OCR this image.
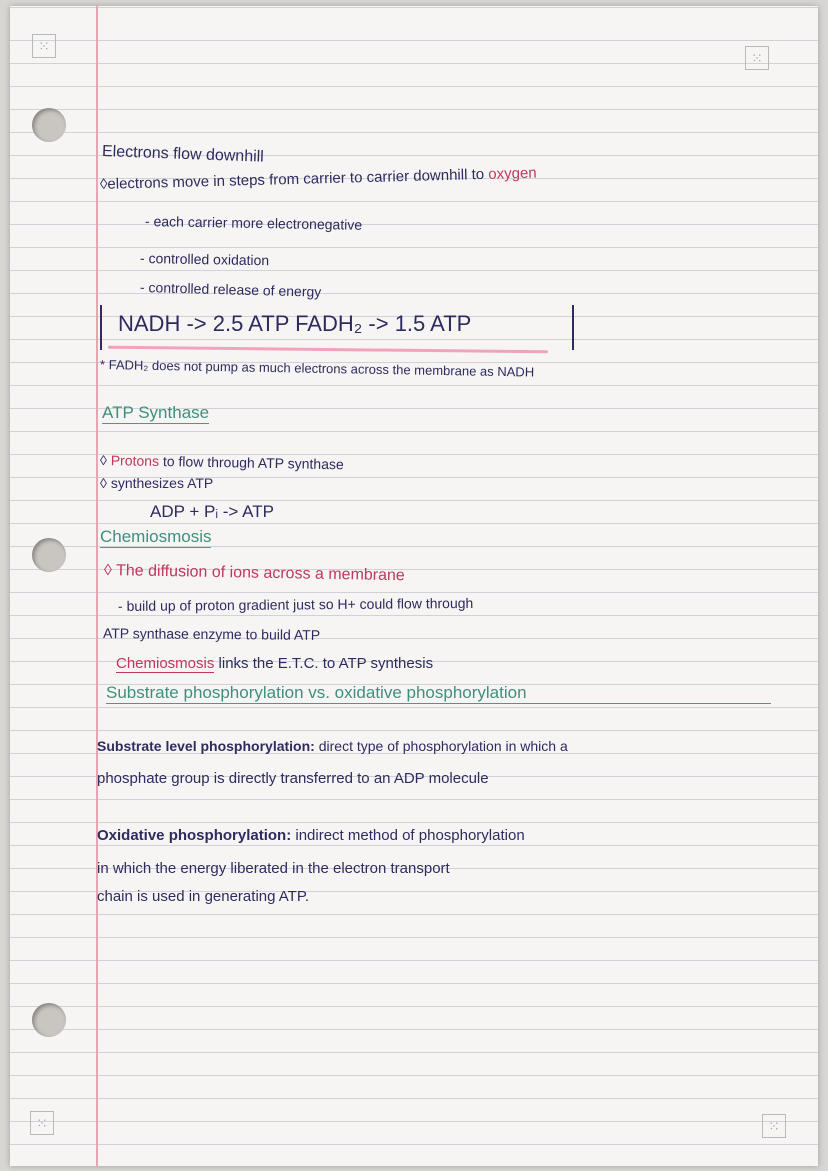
⁙
⁙
⁙	⁙
Electrons flow downhill
◊electrons move in steps from carrier to carrier downhill to oxygen
- each carrier more electronegative
- controlled oxidation
- controlled release of energy
NADH -> 2.5 ATP FADH₂ -> 1.5 ATP
* FADH₂ does not pump as much electrons across the membrane as NADH
ATP Synthase
◊ Protons to flow through ATP synthase
◊ synthesizes ATP
ADP + Pᵢ -> ATP
Chemiosmosis
◊ The diffusion of ions across a membrane
- build up of proton gradient just so H+ could flow through
ATP synthase enzyme to build ATP
Chemiosmosis links the E.T.C. to ATP synthesis
Substrate phosphorylation vs. oxidative phosphorylation
Substrate level phosphorylation: direct type of phosphorylation in which a
phosphate group is directly transferred to an ADP molecule
Oxidative phosphorylation: indirect method of phosphorylation
in which the energy liberated in the electron transport
chain is used in generating ATP.
